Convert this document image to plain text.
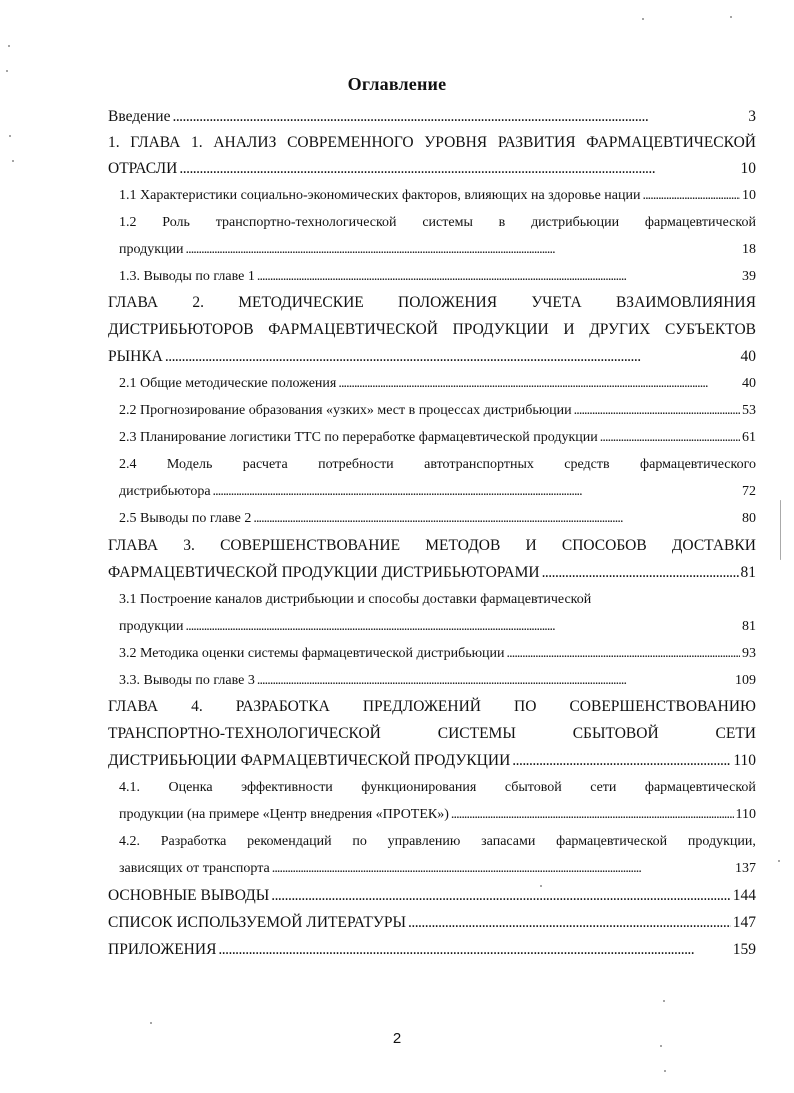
Оглавление
Введение . . .	3
1. ГЛАВА 1. АНАЛИЗ СОВРЕМЕННОГО УРОВНЯ РАЗВИТИЯ ФАРМАЦЕВТИЧЕСКОЙ
ОТРАСЛИ . . .	10
1.1 Характеристики социально-экономических факторов, влияющих на здоровье нации . . .	10
1.2 Роль транспортно-технологической системы в дистрибьюции фармацевтической
продукции . . .	18
1.3. Выводы по главе 1 . . .	39
ГЛАВА 2. МЕТОДИЧЕСКИЕ ПОЛОЖЕНИЯ УЧЕТА ВЗАИМОВЛИЯНИЯ
ДИСТРИБЬЮТОРОВ ФАРМАЦЕВТИЧЕСКОЙ ПРОДУКЦИИ И ДРУГИХ СУБЪЕКТОВ
РЫНКА . . .	40
2.1 Общие методические положения . . .	40
2.2 Прогнозирование образования «узких» мест в процессах дистрибьюции . . .	53
2.3 Планирование логистики ТТС по переработке фармацевтической продукции . . .	61
2.4 Модель расчета потребности автотранспортных средств фармацевтического
дистрибьютора . . .	72
2.5 Выводы по главе 2 . . .	80
ГЛАВА 3. СОВЕРШЕНСТВОВАНИЕ МЕТОДОВ И СПОСОБОВ ДОСТАВКИ
ФАРМАЦЕВТИЧЕСКОЙ ПРОДУКЦИИ ДИСТРИБЬЮТОРАМИ . . .	81
3.1 Построение каналов дистрибьюции и способы доставки фармацевтической
продукции . . .	81
3.2 Методика оценки системы фармацевтической дистрибьюции . . .	93
3.3. Выводы по главе 3 . . .	109
ГЛАВА 4. РАЗРАБОТКА ПРЕДЛОЖЕНИЙ ПО СОВЕРШЕНСТВОВАНИЮ
ТРАНСПОРТНО-ТЕХНОЛОГИЧЕСКОЙ	СИСТЕМЫ	СБЫТОВОЙ	СЕТИ
ДИСТРИБЬЮЦИИ ФАРМАЦЕВТИЧЕСКОЙ ПРОДУКЦИИ . . .	110
4.1. Оценка эффективности функционирования сбытовой сети фармацевтической
продукции (на примере «Центр внедрения «ПРОТЕК») . . .	110
4.2. Разработка рекомендаций по управлению запасами фармацевтической продукции,
зависящих от транспорта . . .	137
ОСНОВНЫЕ ВЫВОДЫ . . .	144
СПИСОК ИСПОЛЬЗУЕМОЙ ЛИТЕРАТУРЫ . . .	147
ПРИЛОЖЕНИЯ . . .	159
2
